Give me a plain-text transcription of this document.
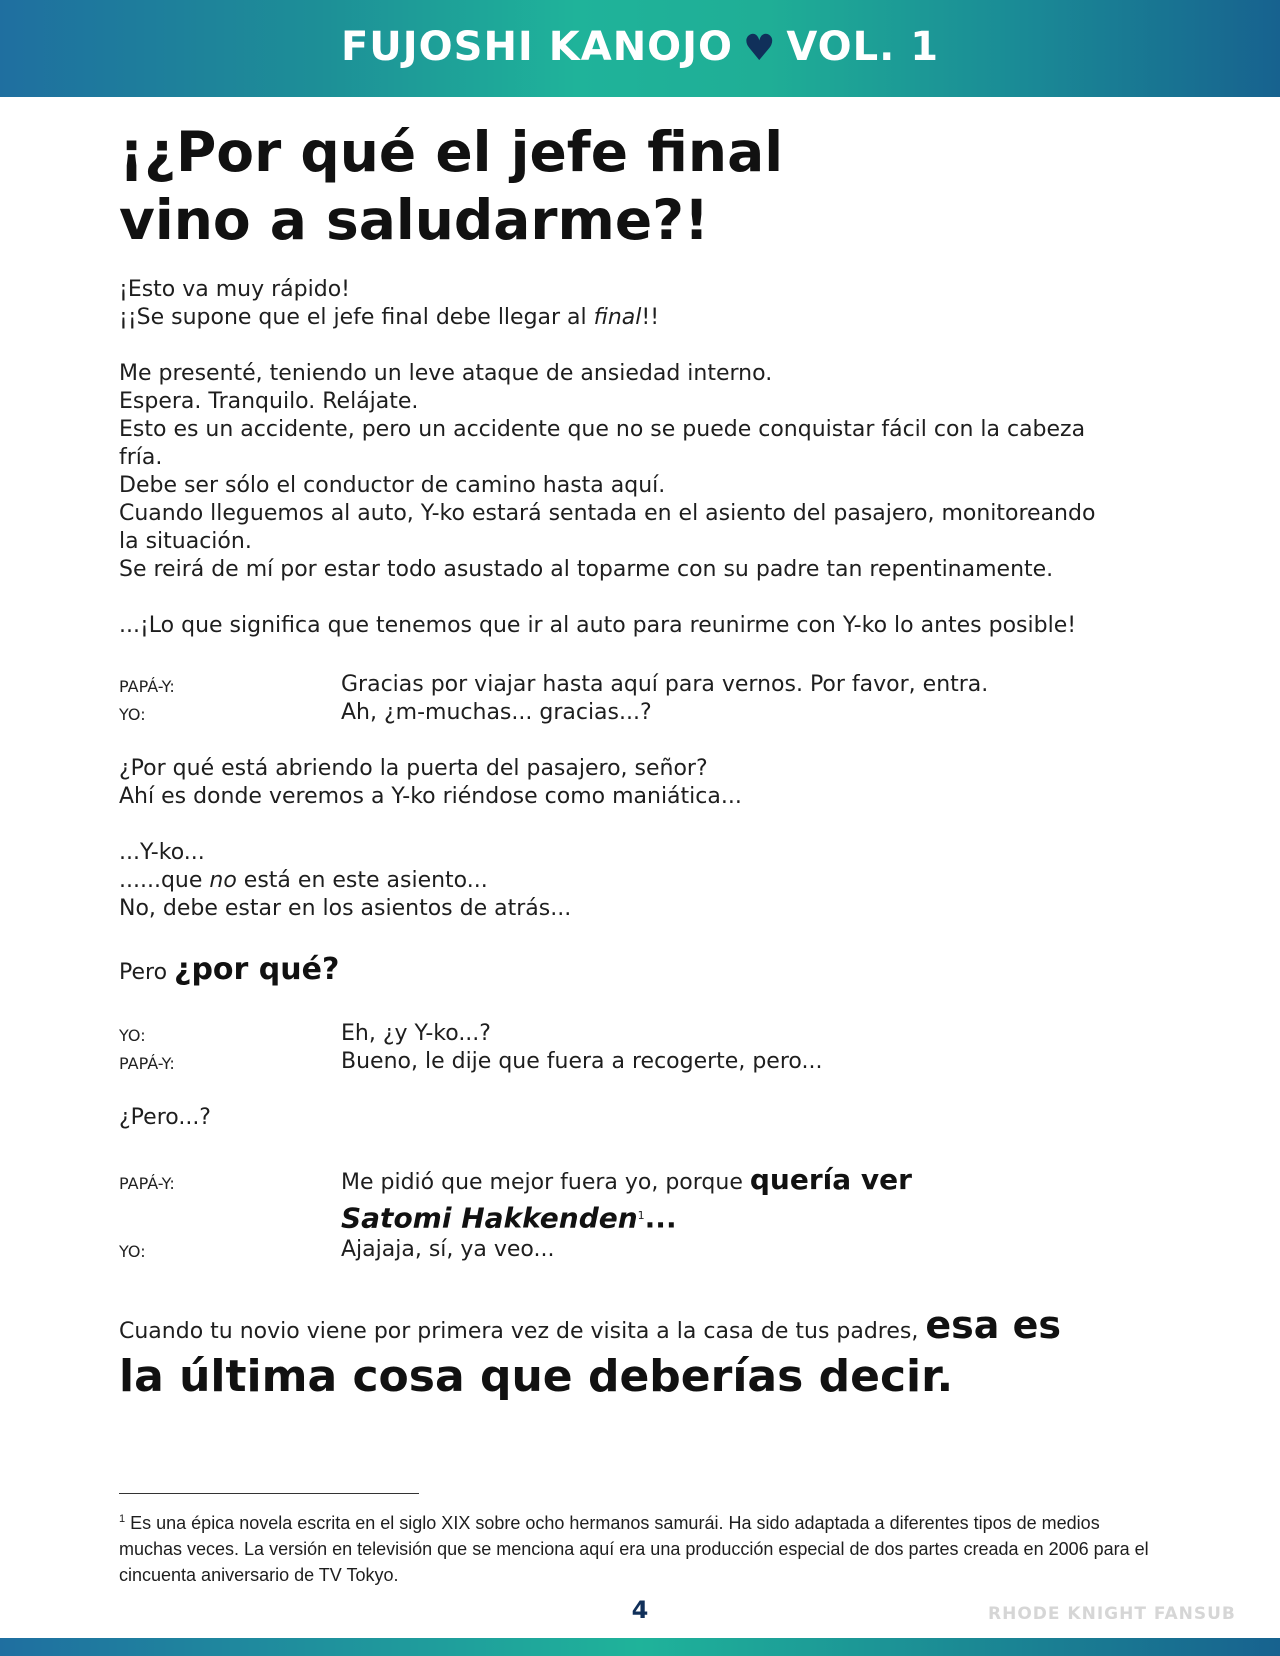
FUJOSHI KANOJO ♥ VOL. 1
¡¿Por qué el jefe final
vino a saludarme?!
¡Esto va muy rápido!
¡¡Se supone que el jefe final debe llegar al final!!
Me presenté, teniendo un leve ataque de ansiedad interno.
Espera. Tranquilo. Relájate.
Esto es un accidente, pero un accidente que no se puede conquistar fácil con la cabeza
fría.
Debe ser sólo el conductor de camino hasta aquí.
Cuando lleguemos al auto, Y-ko estará sentada en el asiento del pasajero, monitoreando
la situación.
Se reirá de mí por estar todo asustado al toparme con su padre tan repentinamente.
...¡Lo que significa que tenemos que ir al auto para reunirme con Y-ko lo antes posible!
PAPÁ-Y:	Gracias por viajar hasta aquí para vernos. Por favor, entra.
YO:	Ah, ¿m-muchas... gracias...?
¿Por qué está abriendo la puerta del pasajero, señor?
Ahí es donde veremos a Y-ko riéndose como maniática...
...Y-ko...
......que no está en este asiento...
No, debe estar en los asientos de atrás...
Pero ¿por qué?
YO:	Eh, ¿y Y-ko...?
PAPÁ-Y:	Bueno, le dije que fuera a recogerte, pero...
¿Pero...?
PAPÁ-Y:	Me pidió que mejor fuera yo, porque quería ver
Satomi Hakkenden$^1$...
YO:	Ajajaja, sí, ya veo...
Cuando tu novio viene por primera vez de visita a la casa de tus padres, esa es
la última cosa que deberías decir.
$^1$ Es una épica novela escrita en el siglo XIX sobre ocho hermanos samurái. Ha sido adaptada a diferentes tipos de medios muchas veces. La versión en televisión que se menciona aquí era una producción especial de dos partes creada en 2006 para el cincuenta aniversario de TV Tokyo.
4	RHODE KNIGHT FANSUB
